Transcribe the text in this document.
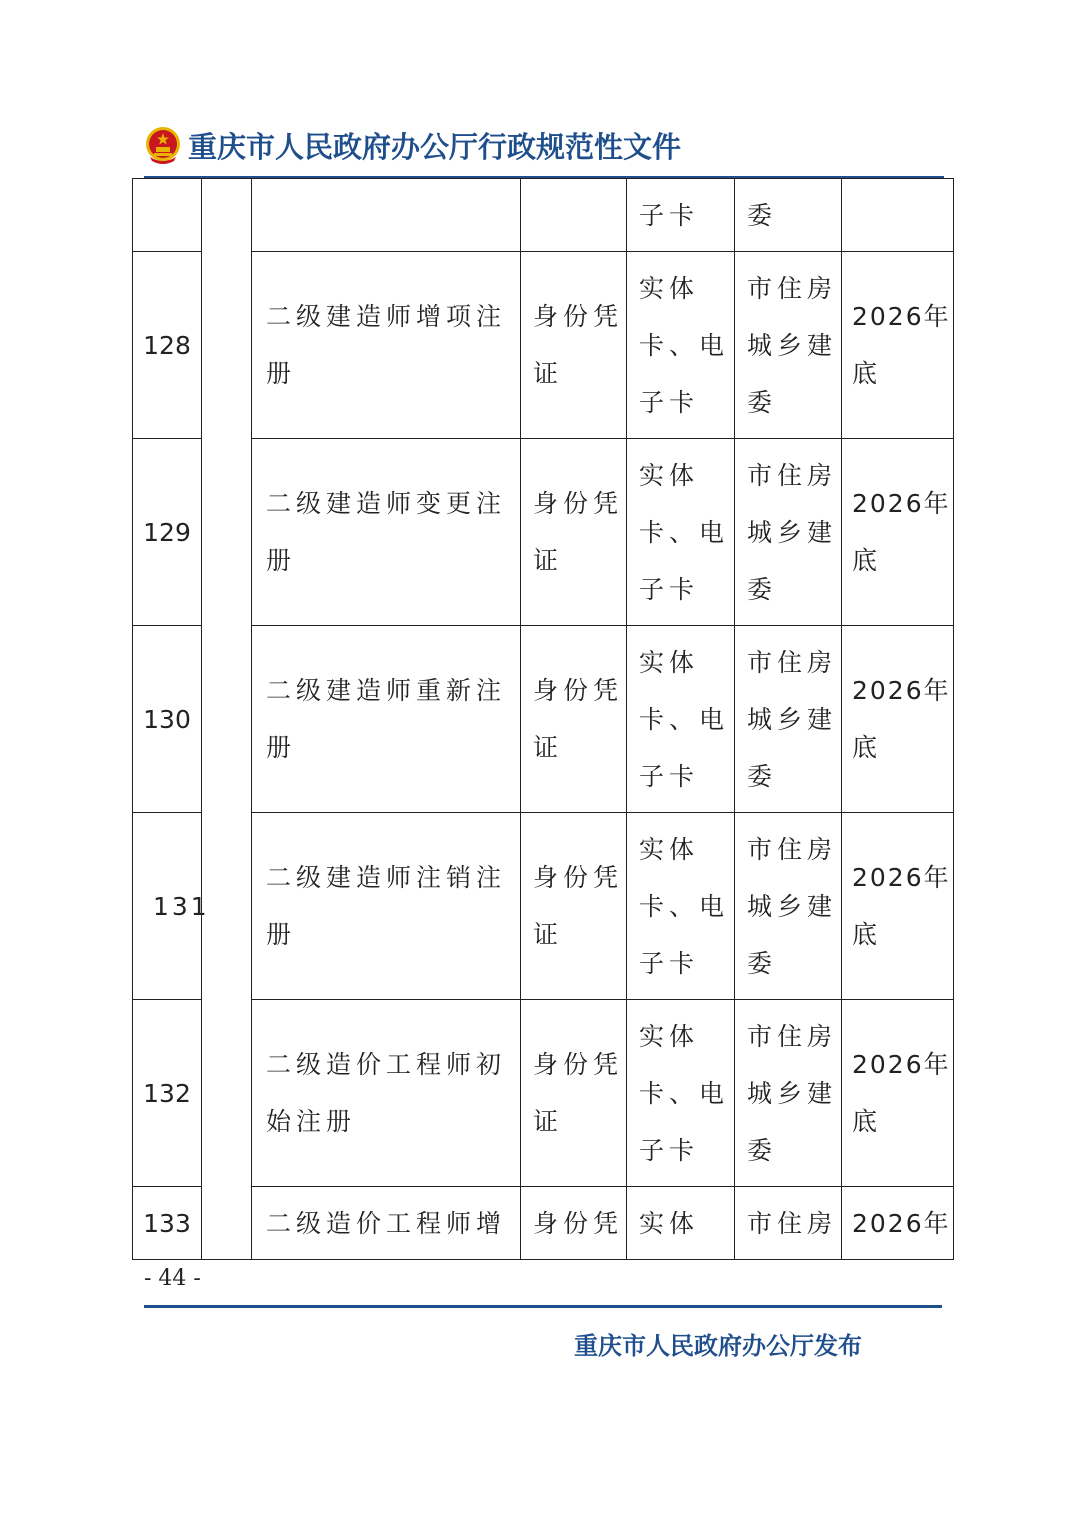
重庆市人民政府办公厅行政规范性文件
				子卡	委	
128		二级建造师增项注册	身份凭证	实体卡、电子卡	市住房城乡建委	2026年底
129		二级建造师变更注册	身份凭证	实体卡、电子卡	市住房城乡建委	2026年底
130		二级建造师重新注册	身份凭证	实体卡、电子卡	市住房城乡建委	2026年底
131		二级建造师注销注册	身份凭证	实体卡、电子卡	市住房城乡建委	2026年底
132		二级造价工程师初始注册	身份凭证	实体卡、电子卡	市住房城乡建委	2026年底
133		二级造价工程师增	身份凭	实体	市住房	2026年
- 44 -
重庆市人民政府办公厅发布
